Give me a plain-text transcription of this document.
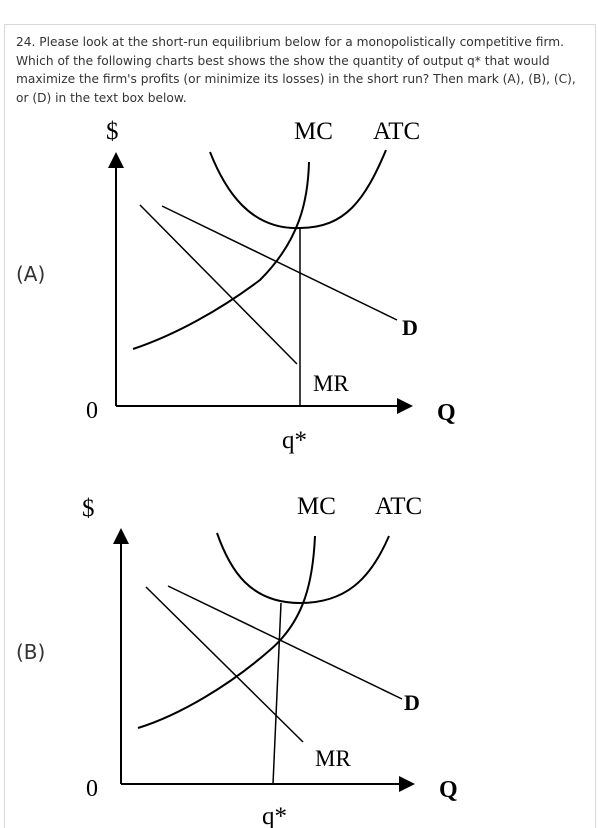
24. Please look at the short-run equilibrium below for a monopolistically competitive firm. Which of the following charts best shows the show the quantity of output q* that would maximize the firm's profits (or minimize its losses) in the short run? Then mark (A), (B), (C), or (D) in the text box below.
(A)
(B)
$	MC ATC
D
MR
0	Q
q*
$	MC ATC
D
MR
0	Q
q*
